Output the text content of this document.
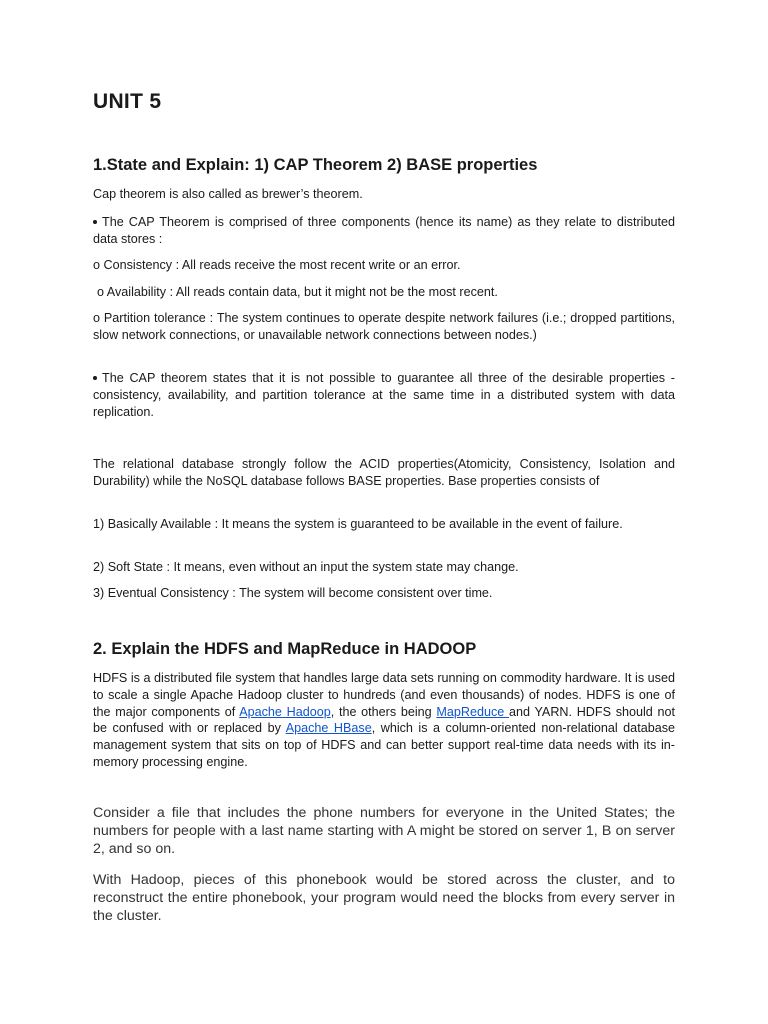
UNIT 5
1.State and Explain: 1) CAP Theorem 2) BASE properties

Cap theorem is also called as brewer’s theorem.

The CAP Theorem is comprised of three components (hence its name) as they relate to distributed data stores :

o Consistency : All reads receive the most recent write or an error.

o Availability : All reads contain data, but it might not be the most recent.

o Partition tolerance : The system continues to operate despite network failures (i.e.; dropped partitions, slow network connections, or unavailable network connections between nodes.)

The CAP theorem states that it is not possible to guarantee all three of the desirable properties - consistency, availability, and partition tolerance at the same time in a distributed system with data replication.

The relational database strongly follow the ACID properties(Atomicity, Consistency, Isolation and Durability) while the NoSQL database follows BASE properties. Base properties consists of

1) Basically Available : It means the system is guaranteed to be available in the event of failure.

2) Soft State : It means, even without an input the system state may change.

3) Eventual Consistency : The system will become consistent over time.

2. Explain the HDFS and MapReduce in HADOOP

HDFS is a distributed file system that handles large data sets running on commodity hardware. It is used to scale a single Apache Hadoop cluster to hundreds (and even thousands) of nodes. HDFS is one of the major components of Apache Hadoop, the others being MapReduce and YARN. HDFS should not be confused with or replaced by Apache HBase, which is a column-oriented non-relational database management system that sits on top of HDFS and can better support real-time data needs with its in-memory processing engine.

Consider a file that includes the phone numbers for everyone in the United States; the numbers for people with a last name starting with A might be stored on server 1, B on server 2, and so on.

With Hadoop, pieces of this phonebook would be stored across the cluster, and to reconstruct the entire phonebook, your program would need the blocks from every server in the cluster.
